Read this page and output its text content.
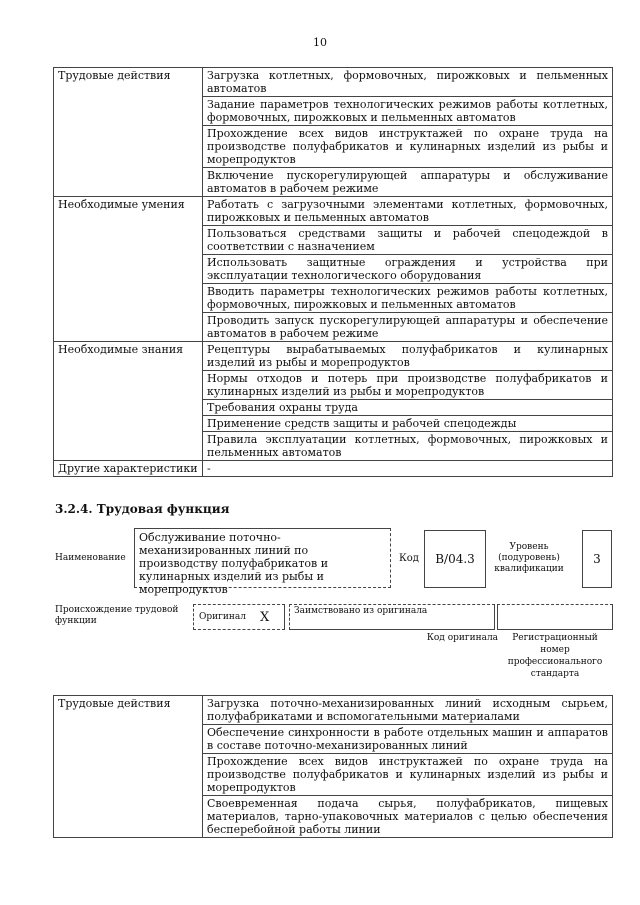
10
Трудовые действия	Загрузка котлетных, формовочных, пирожковых и пельменных автоматов
	Задание параметров технологических режимов работы котлетных, формовочных, пирожковых и пельменных автоматов
	Прохождение всех видов инструктажей по охране труда на производстве полуфабрикатов и кулинарных изделий из рыбы и морепродуктов
	Включение пускорегулирующей аппаратуры и обслуживание автоматов в рабочем режиме
Необходимые умения	Работать с загрузочными элементами котлетных, формовочных, пирожковых и пельменных автоматов
	Пользоваться средствами защиты и рабочей спецодеждой в соответствии с назначением
	Использовать защитные ограждения и устройства при эксплуатации технологического оборудования
	Вводить параметры технологических режимов работы котлетных, формовочных, пирожковых и пельменных автоматов
	Проводить запуск пускорегулирующей аппаратуры и обеспечение автоматов в рабочем режиме
Необходимые знания	Рецептуры вырабатываемых полуфабрикатов и кулинарных изделий из рыбы и морепродуктов
	Нормы отходов и потерь при производстве полуфабрикатов и кулинарных изделий из рыбы и морепродуктов
	Требования охраны труда
	Применение средств защиты и рабочей спецодежды
	Правила эксплуатации котлетных, формовочных, пирожковых и пельменных автоматов
Другие характеристики	-
3.2.4. Трудовая функция
Наименование
Обслуживание поточно-механизированных линий по производству полуфабрикатов и кулинарных изделий из рыбы и морепродуктов
Код	B/04.3
Уровень (подуровень) квалификации
3
Происхождение трудовой функции	Оригинал X	Заимствовано из оригинала
Код оригинала	Регистрационный номер профессионального стандарта
Трудовые действия	Загрузка поточно-механизированных линий исходным сырьем, полуфабрикатами и вспомогательными материалами
Обеспечение синхронности в работе отдельных машин и аппаратов в составе поточно-механизированных линий
Прохождение всех видов инструктажей по охране труда на производстве полуфабрикатов и кулинарных изделий из рыбы и морепродуктов
Своевременная подача сырья, полуфабрикатов, пищевых материалов, тарно-упаковочных материалов с целью обеспечения бесперебойной работы линии
